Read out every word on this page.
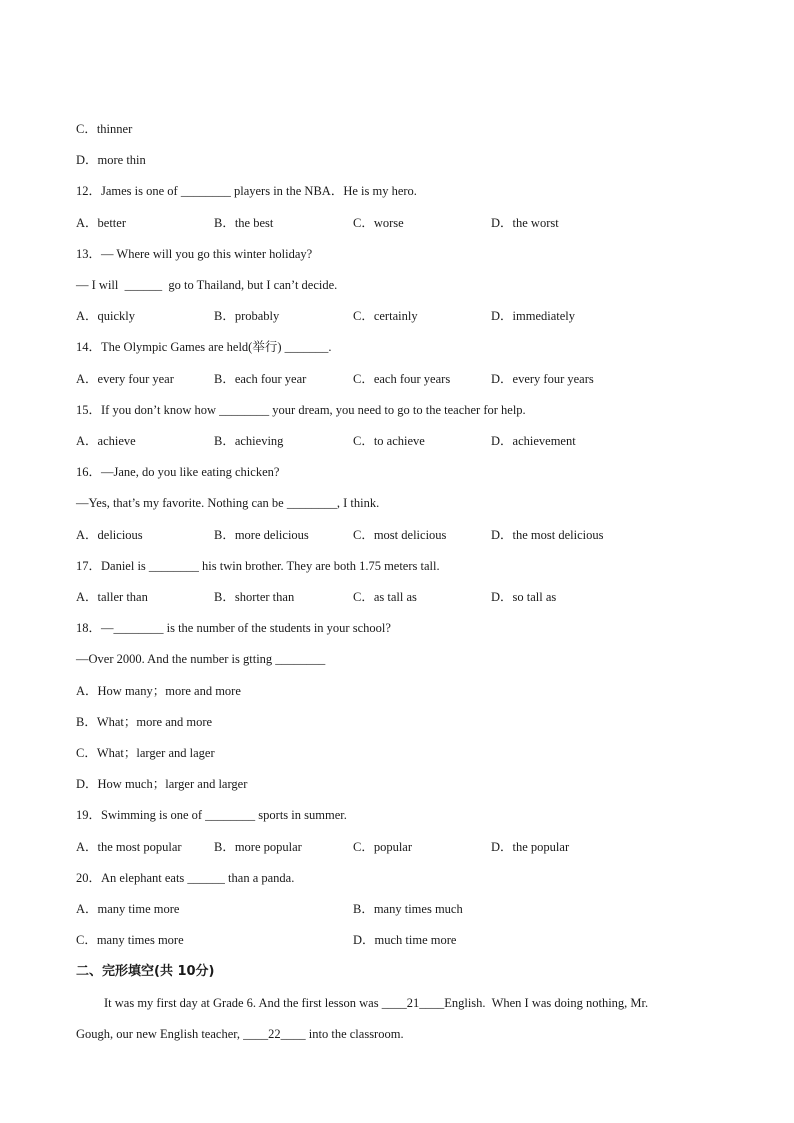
C．thinner
D．more thin
12．James is one of ________ players in the NBA．He is my hero.
A．better	B．the best	C．worse	D．the worst
13．— Where will you go this winter holiday?
— I will  ______  go to Thailand, but I can’t decide.
A．quickly	B．probably	C．certainly	D．immediately
14．The Olympic Games are held(举行) _______.
A．every four year	B．each four year	C．each four years	D．every four years
15．If you don’t know how ________ your dream, you need to go to the teacher for help.
A．achieve	B．achieving	C．to achieve	D．achievement
16．—Jane, do you like eating chicken?
—Yes, that’s my favorite. Nothing can be ________, I think.
A．delicious	B．more delicious	C．most delicious	D．the most delicious
17．Daniel is ________ his twin brother. They are both 1.75 meters tall.
A．taller than	B．shorter than	C．as tall as	D．so tall as
18．—________ is the number of the students in your school?
—Over 2000. And the number is gtting ________
A．How many；more and more
B．What；more and more
C．What；larger and lager
D．How much；larger and larger
19．Swimming is one of ________ sports in summer.
A．the most popular	B．more popular	C．popular	D．the popular
20．An elephant eats ______ than a panda.
A．many time more	B．many times much
C．many times more	D．much time more
二、完形填空(共 10分)
It was my first day at Grade 6. And the first lesson was ____21____English.  When I was doing nothing, Mr.
Gough, our new English teacher, ____22____ into the classroom.
